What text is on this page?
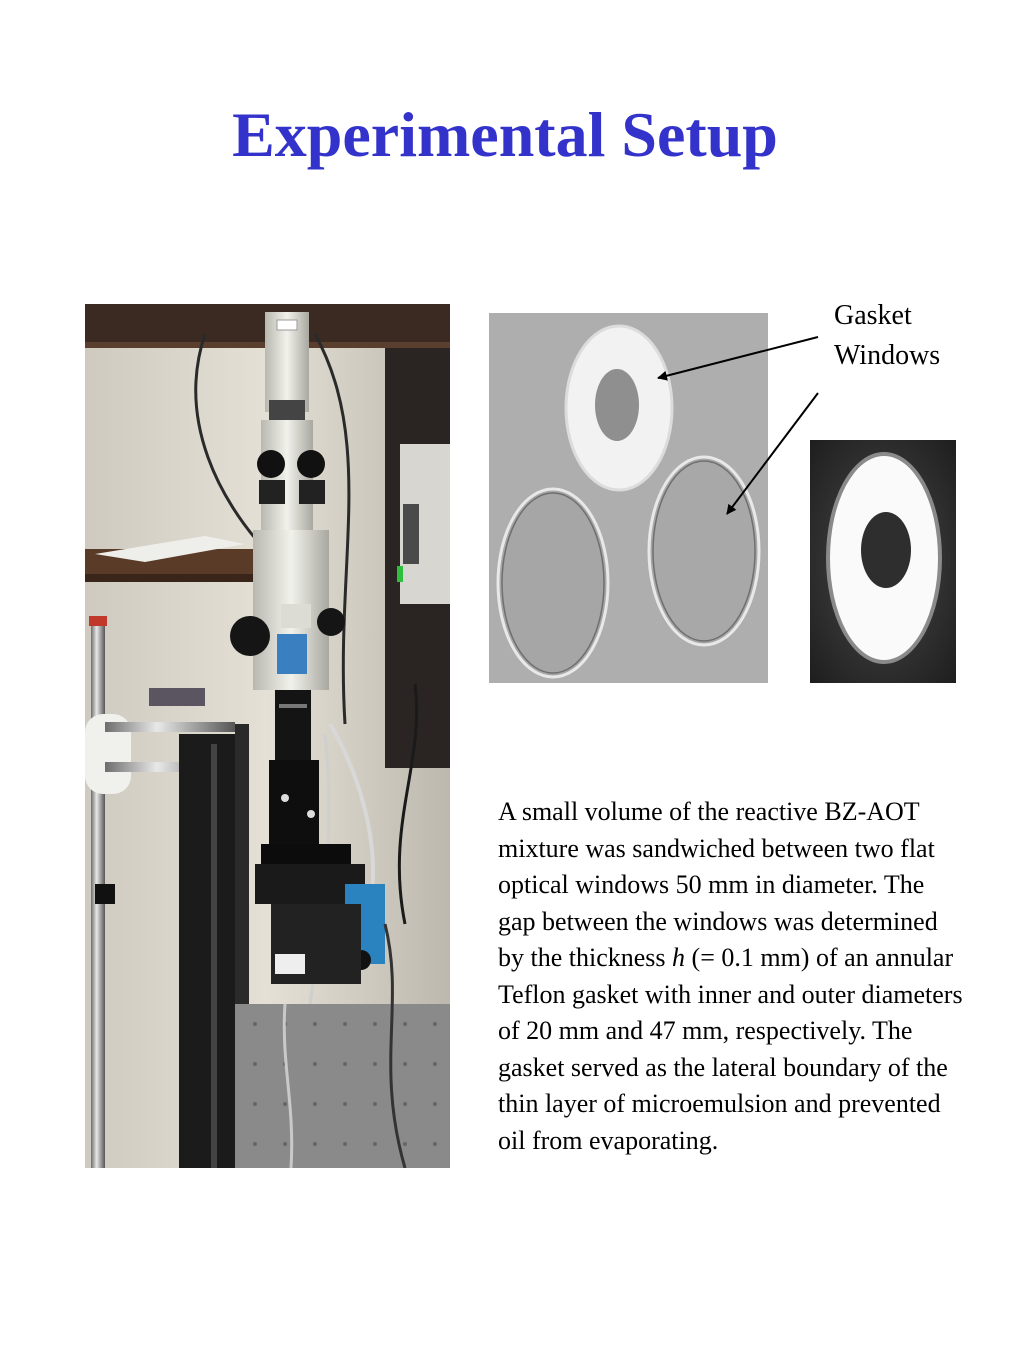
Experimental Setup
Gasket
Windows
A small volume of the reactive BZ-AOT mixture was sandwiched between two flat optical windows 50 mm in diameter. The gap between the windows was determined by the thickness h (= 0.1 mm) of an annular Teflon gasket with inner and outer diameters of 20 mm and 47 mm, respectively. The gasket served as the lateral boundary of the thin layer of microemulsion and prevented oil from evaporating.
